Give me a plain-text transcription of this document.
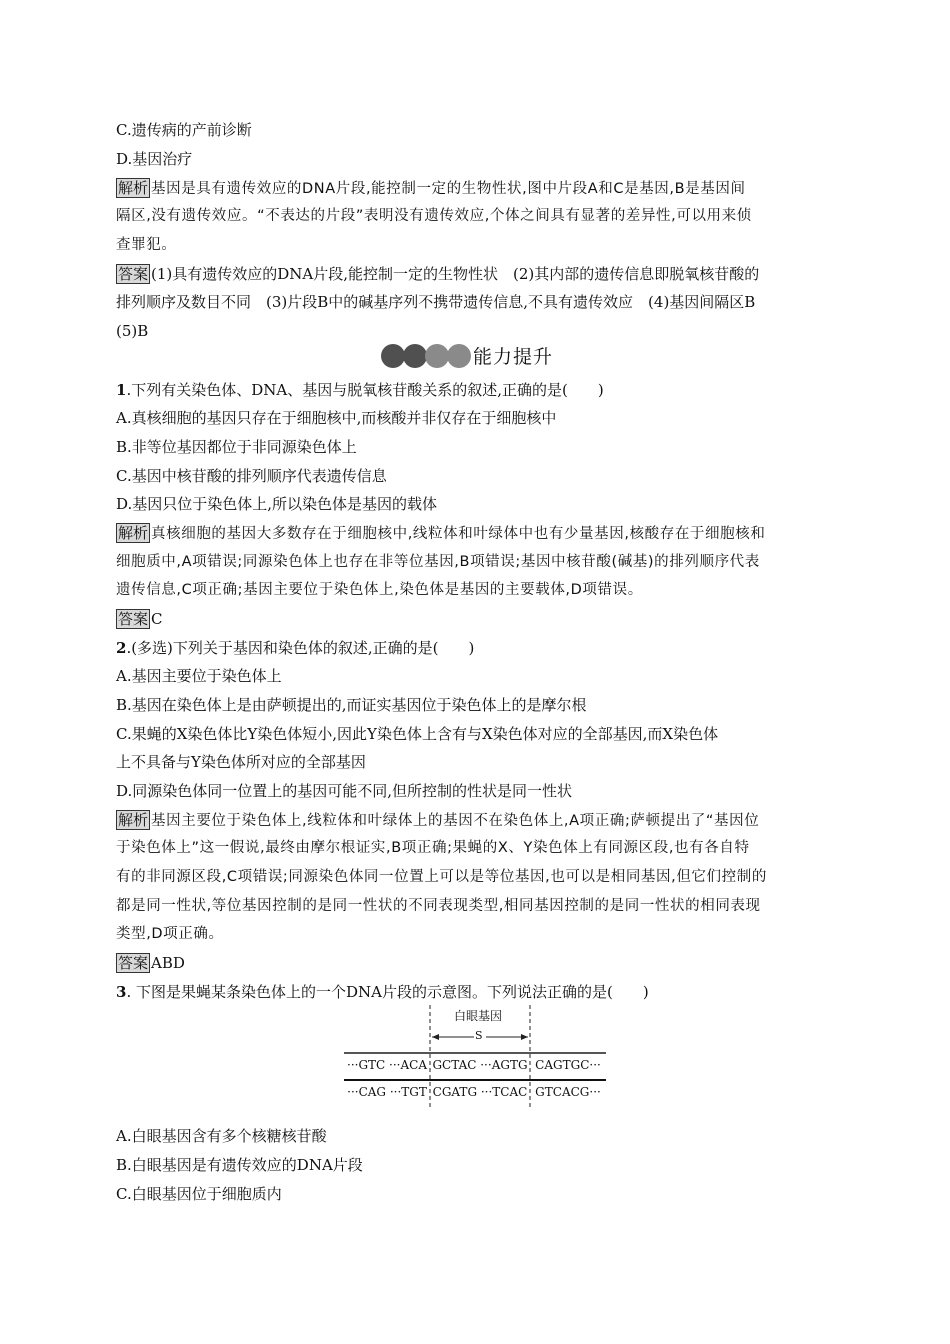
C.遗传病的产前诊断
D.基因治疗
解析 基因是具有遗传效应的DNA片段,能控制一定的生物性状,图中片段A和C是基因,B是基因间
隔区,没有遗传效应。“不表达的片段”表明没有遗传效应,个体之间具有显著的差异性,可以用来侦
查罪犯。
答案 (1)具有遗传效应的DNA片段,能控制一定的生物性状　(2)其内部的遗传信息即脱氧核苷酸的
排列顺序及数目不同　(3)片段B中的碱基序列不携带遗传信息,不具有遗传效应　(4)基因间隔区B
(5)B
能力提升
1.下列有关染色体、DNA、基因与脱氧核苷酸关系的叙述,正确的是(　　)
A.真核细胞的基因只存在于细胞核中,而核酸并非仅存在于细胞核中
B.非等位基因都位于非同源染色体上
C.基因中核苷酸的排列顺序代表遗传信息
D.基因只位于染色体上,所以染色体是基因的载体
解析 真核细胞的基因大多数存在于细胞核中,线粒体和叶绿体中也有少量基因,核酸存在于细胞核和
细胞质中,A项错误;同源染色体上也存在非等位基因,B项错误;基因中核苷酸(碱基)的排列顺序代表
遗传信息,C项正确;基因主要位于染色体上,染色体是基因的主要载体,D项错误。
答案 C
2.(多选)下列关于基因和染色体的叙述,正确的是(　　)
A.基因主要位于染色体上
B.基因在染色体上是由萨顿提出的,而证实基因位于染色体上的是摩尔根
C.果蝇的X染色体比Y染色体短小,因此Y染色体上含有与X染色体对应的全部基因,而X染色体
上不具备与Y染色体所对应的全部基因
D.同源染色体同一位置上的基因可能不同,但所控制的性状是同一性状
解析 基因主要位于染色体上,线粒体和叶绿体上的基因不在染色体上,A项正确;萨顿提出了“基因位
于染色体上”这一假说,最终由摩尔根证实,B项正确;果蝇的X、Y染色体上有同源区段,也有各自特
有的非同源区段,C项错误;同源染色体同一位置上可以是等位基因,也可以是相同基因,但它们控制的
都是同一性状,等位基因控制的是同一性状的不同表现类型,相同基因控制的是同一性状的相同表现
类型,D项正确。
答案 ABD
3. 下图是果蝇某条染色体上的一个DNA片段的示意图。下列说法正确的是(　　)
白眼基因
S
···GTC ···ACA GCTAC ···AGTG CAGTGC···
···CAG ···TGT CGATG ···TCAC GTCACG···
A.白眼基因含有多个核糖核苷酸
B.白眼基因是有遗传效应的DNA片段
C.白眼基因位于细胞质内
